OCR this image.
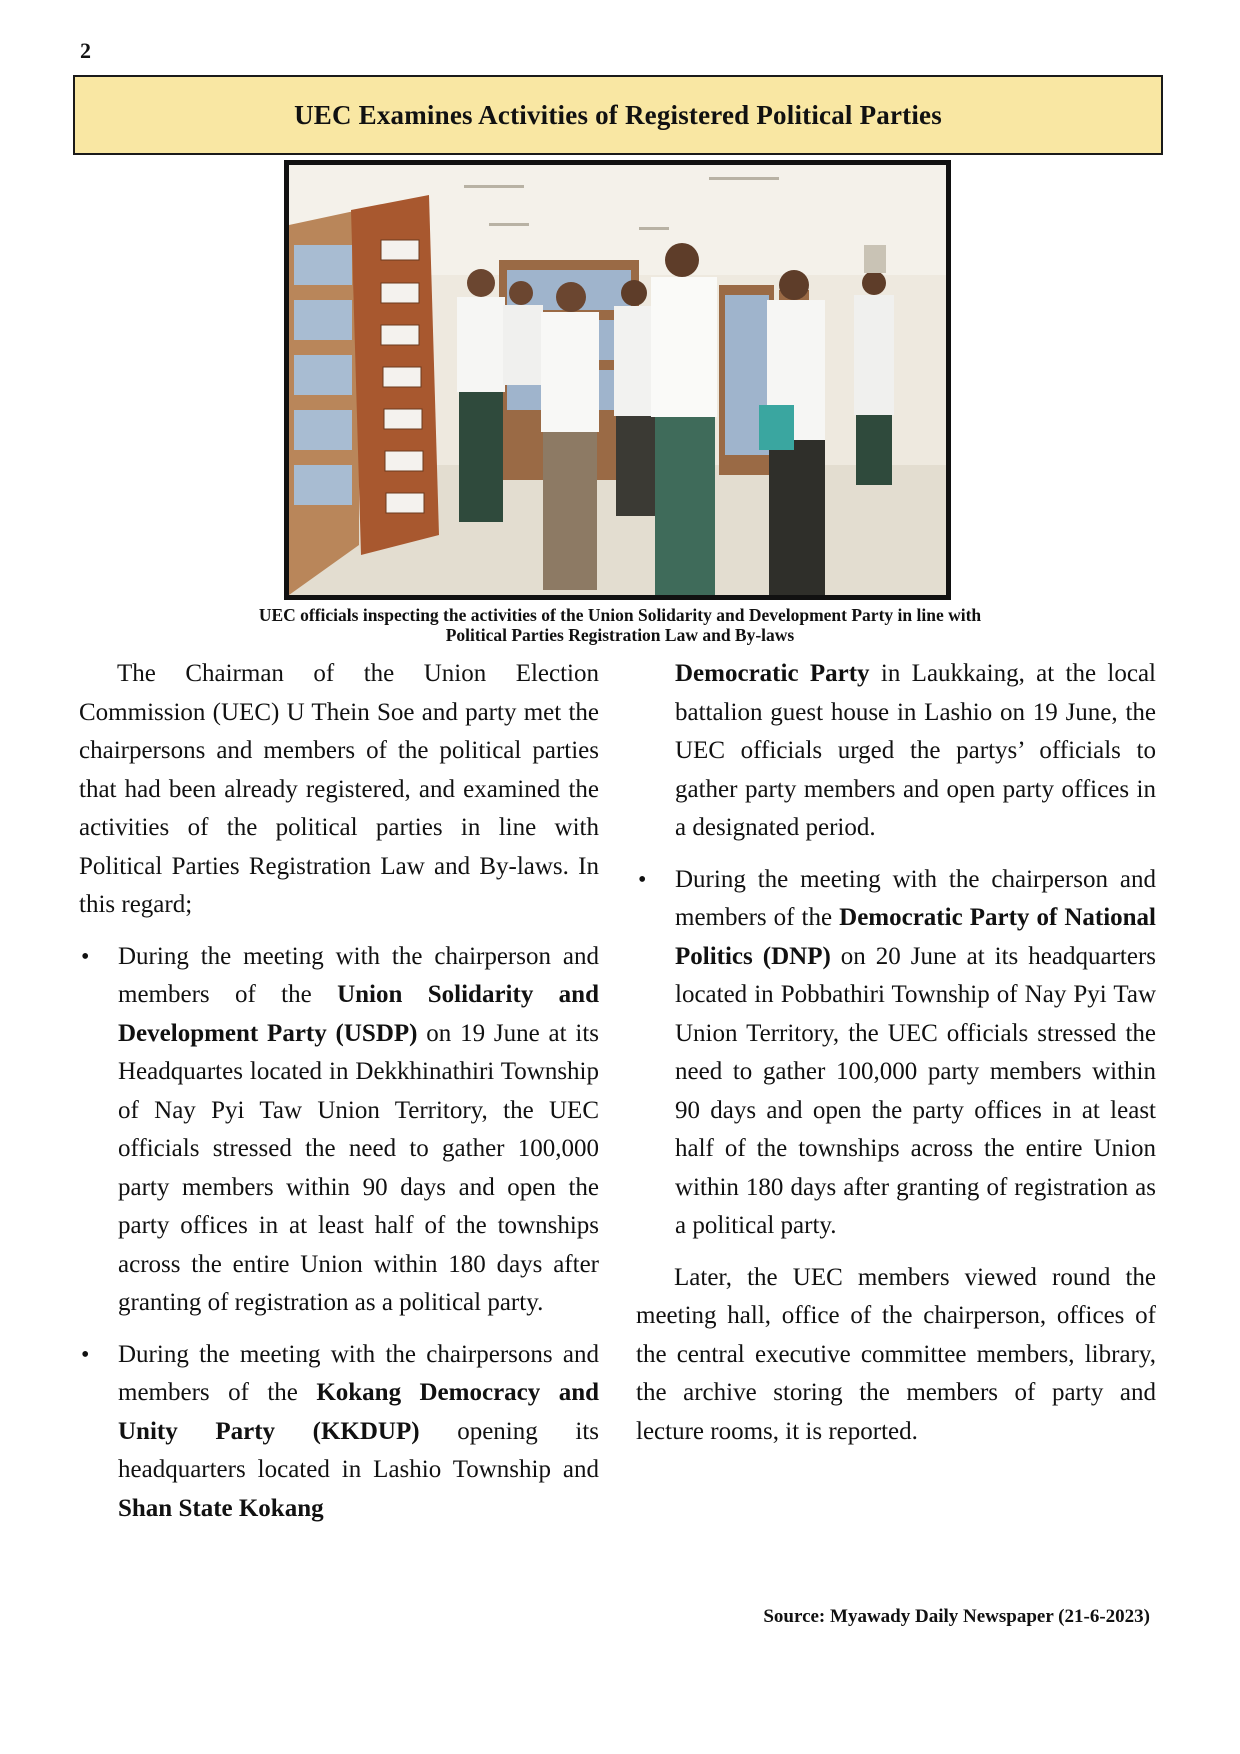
2
UEC Examines Activities of Registered Political Parties
UEC officials inspecting the activities of the Union Solidarity and Development Party in line with
Political Parties Registration Law and By-laws

The Chairman of the Union Election Commission (UEC) U Thein Soe and party met the chairpersons and members of the political parties that had been already registered, and examined the activities of the political parties in line with Political Parties Registration Law and By-laws. In this regard;

• During the meeting with the chairperson and members of the Union Solidarity and Development Party (USDP) on 19 June at its Headquartes located in Dekkhinathiri Township of Nay Pyi Taw Union Territory, the UEC officials stressed the need to gather 100,000 party members within 90 days and open the party offices in at least half of the townships across the entire Union within 180 days after granting of registration as a political party.
• During the meeting with the chairpersons and members of the Kokang Democracy and Unity Party (KKDUP) opening its headquarters located in Lashio Township and Shan State Kokang
Democratic Party in Laukkaing, at the local battalion guest house in Lashio on 19 June, the UEC officials urged the partys’ officials to gather party members and open party offices in a designated period.
• During the meeting with the chairperson and members of the Democratic Party of National Politics (DNP) on 20 June at its headquarters located in Pobbathiri Township of Nay Pyi Taw Union Territory, the UEC officials stressed the need to gather 100,000 party members within 90 days and open the party offices in at least half of the townships across the entire Union within 180 days after granting of registration as a political party.

Later, the UEC members viewed round the meeting hall, office of the chairperson, offices of the central executive committee members, library, the archive storing the members of party and lecture rooms, it is reported.

Source: Myawady Daily Newspaper (21-6-2023)
